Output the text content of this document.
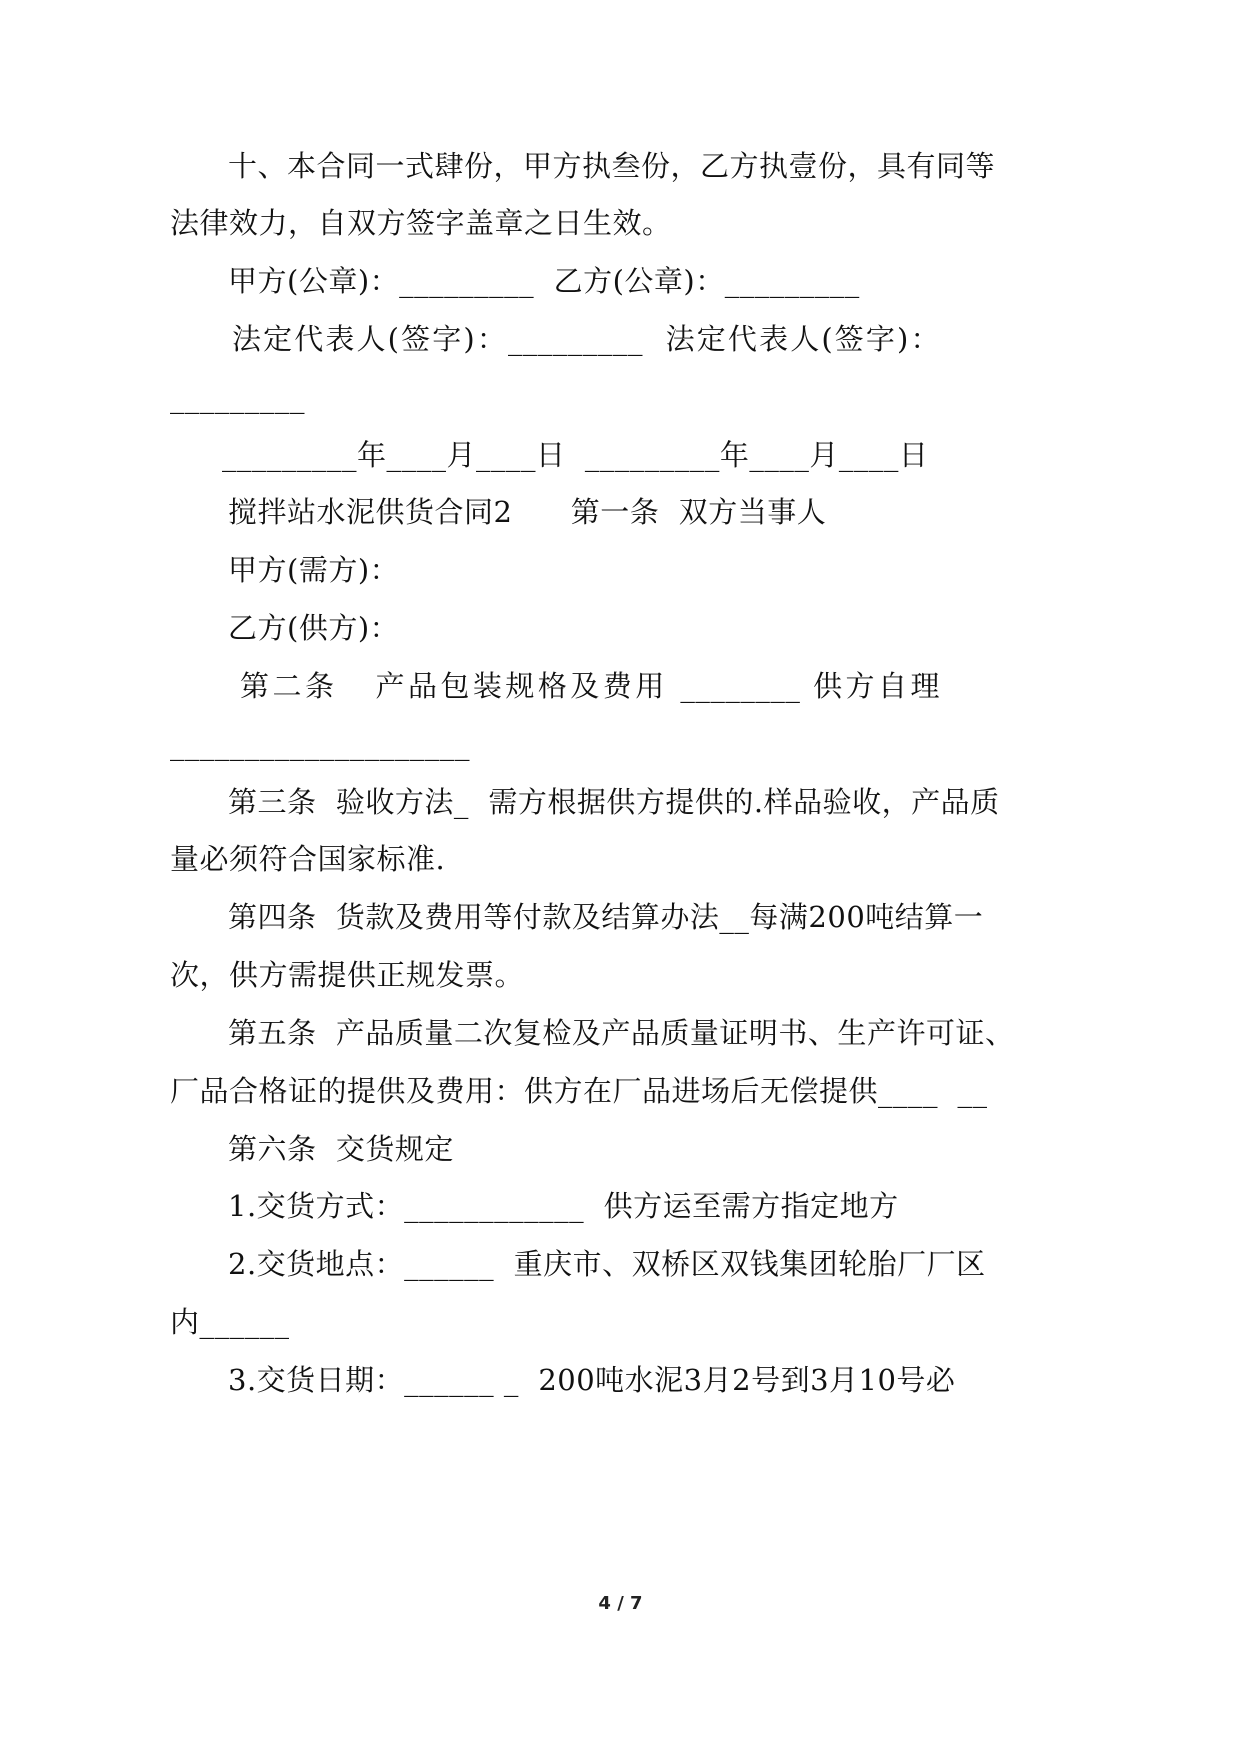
十、本合同一式肆份，甲方执叁份，乙方执壹份，具有同等
法律效力，自双方签字盖章之日生效。
甲方(公章)：_________  乙方(公章)：_________
法定代表人(签字)：_________  法定代表人(签字)：
_________
_________年____月____日  _________年____月____日
搅拌站水泥供货合同2      第一条  双方当事人
甲方(需方)：
乙方(供方)：
第二条   产品包装规格及费用 ________ 供方自理
____________________
第三条  验收方法_  需方根据供方提供的.样品验收，产品质
量必须符合国家标准.
第四条  货款及费用等付款及结算办法__每满200吨结算一
次，供方需提供正规发票。
第五条  产品质量二次复检及产品质量证明书、生产许可证、
厂品合格证的提供及费用：供方在厂品进场后无偿提供____  __
第六条  交货规定
1.交货方式：____________  供方运至需方指定地方
2.交货地点：______  重庆市、双桥区双钱集团轮胎厂厂区
内______
3.交货日期：______ _  200吨水泥3月2号到3月10号必
4 / 7
